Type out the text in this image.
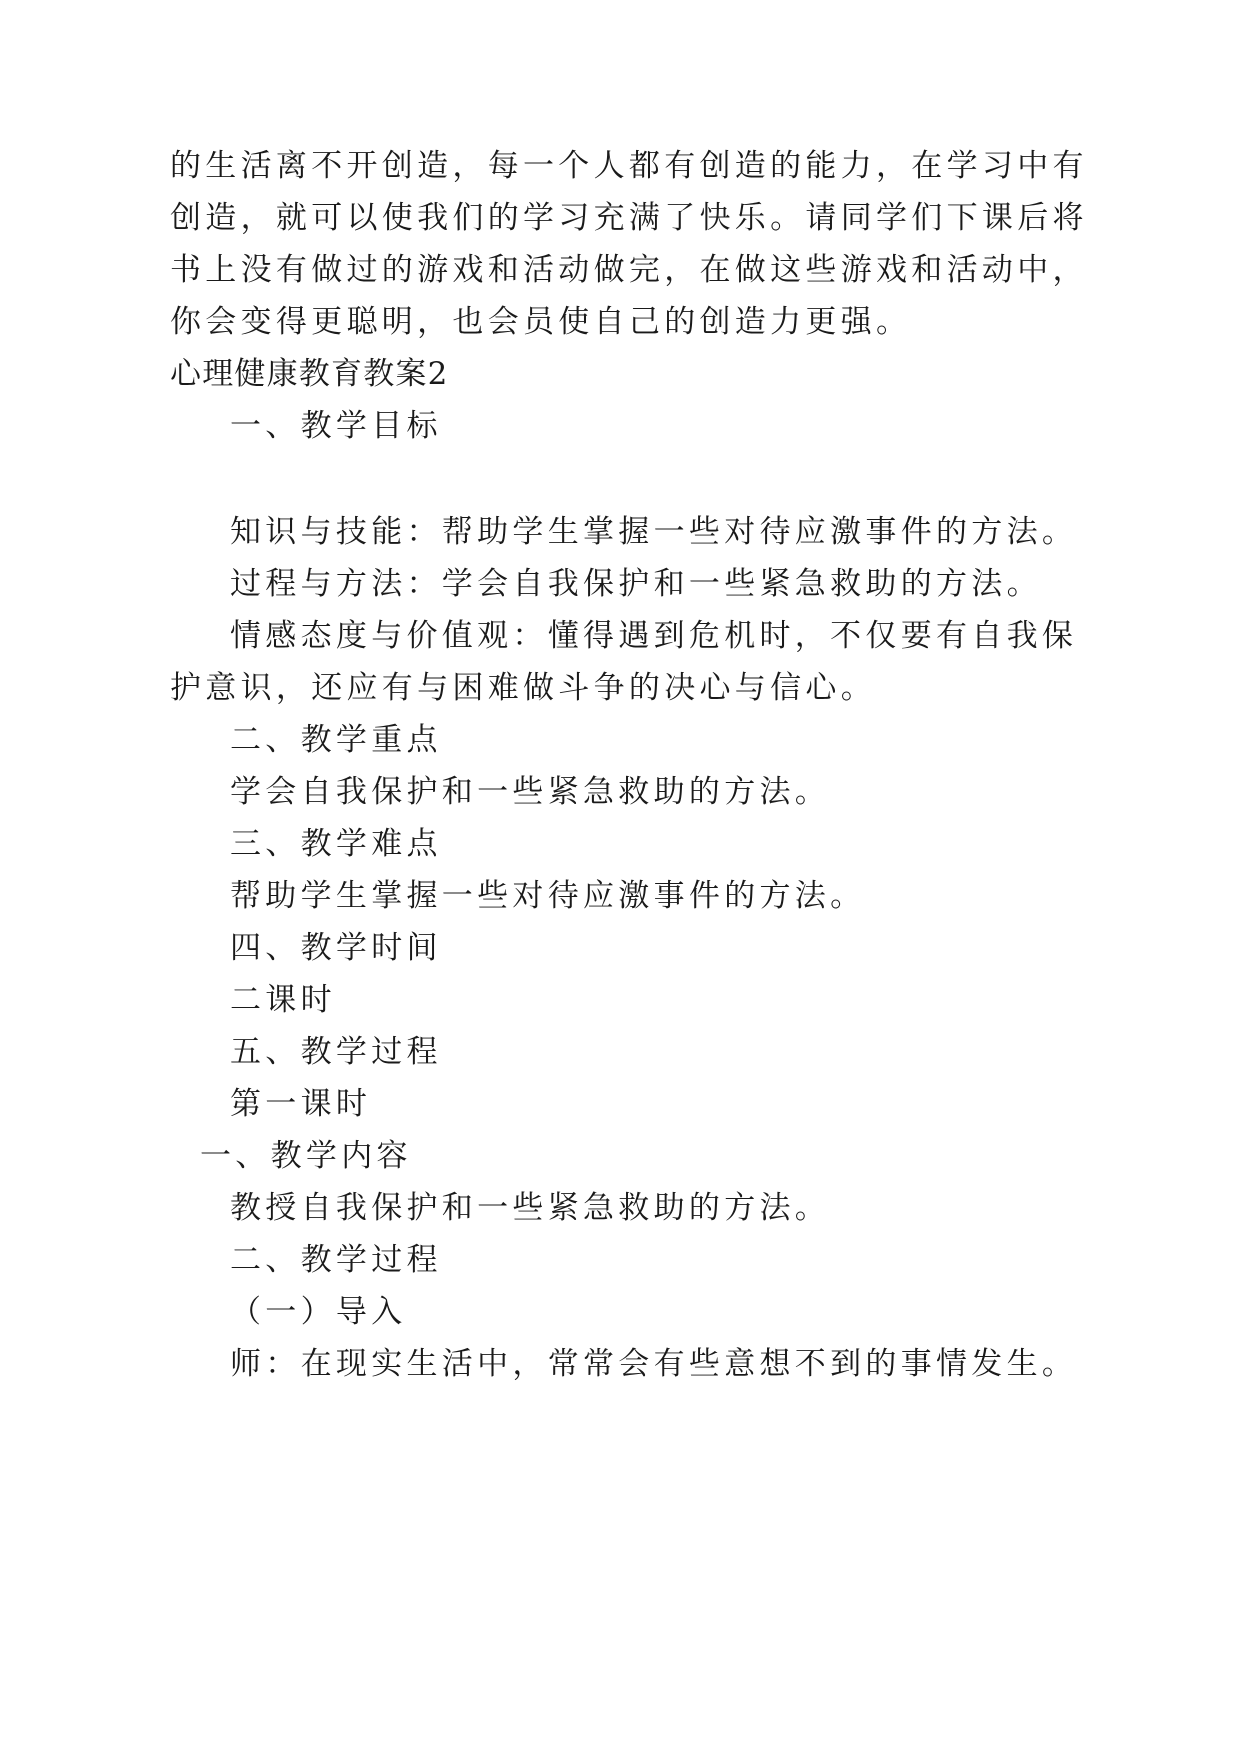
的生活离不开创造，每一个人都有创造的能力，在学习中有
创造，就可以使我们的学习充满了快乐。请同学们下课后将
书上没有做过的游戏和活动做完，在做这些游戏和活动中，
你会变得更聪明，也会员使自己的创造力更强。
心理健康教育教案2
一、教学目标
知识与技能：帮助学生掌握一些对待应激事件的方法。
过程与方法：学会自我保护和一些紧急救助的方法。
情感态度与价值观：懂得遇到危机时，不仅要有自我保
护意识，还应有与困难做斗争的决心与信心。
二、教学重点
学会自我保护和一些紧急救助的方法。
三、教学难点
帮助学生掌握一些对待应激事件的方法。
四、教学时间
二课时
五、教学过程
第一课时
一、教学内容
教授自我保护和一些紧急救助的方法。
二、教学过程
（一）导入
师：在现实生活中，常常会有些意想不到的事情发生。
